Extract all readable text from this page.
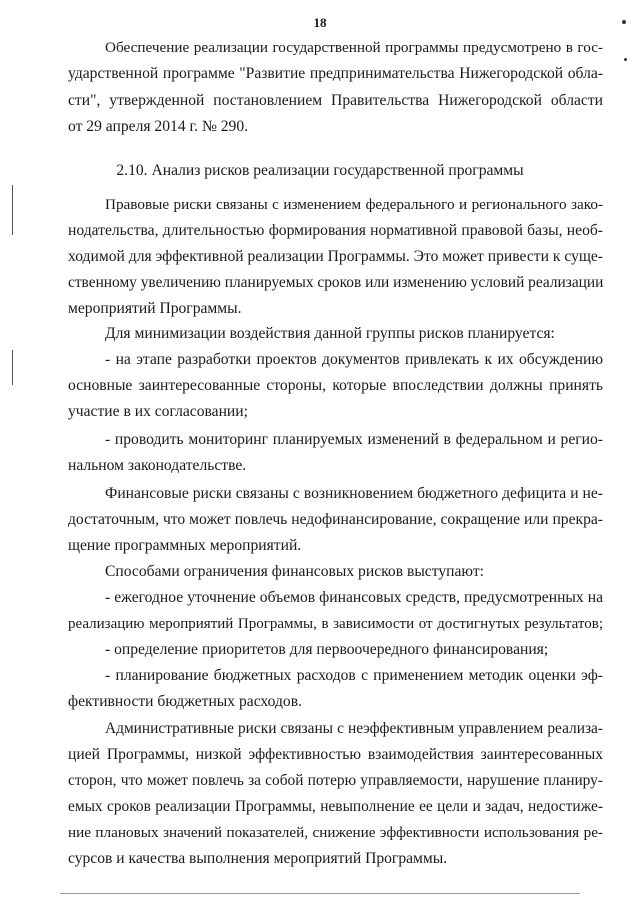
18
Обеспечение реализации государственной программы предусмотрено в гос-
ударственной программе "Развитие предпринимательства Нижегородской обла-
сти", утвержденной постановлением Правительства Нижегородской области
от 29 апреля 2014 г. № 290.
2.10. Анализ рисков реализации государственной программы
Правовые риски связаны с изменением федерального и регионального зако-
нодательства, длительностью формирования нормативной правовой базы, необ-
ходимой для эффективной реализации Программы. Это может привести к суще-
ственному увеличению планируемых сроков или изменению условий реализации
мероприятий Программы.
Для минимизации воздействия данной группы рисков планируется:
- на этапе разработки проектов документов привлекать к их обсуждению
основные заинтересованные стороны, которые впоследствии должны принять
участие в их согласовании;
- проводить мониторинг планируемых изменений в федеральном и регио-
нальном законодательстве.
Финансовые риски связаны с возникновением бюджетного дефицита и не-
достаточным, что может повлечь недофинансирование, сокращение или прекра-
щение программных мероприятий.
Способами ограничения финансовых рисков выступают:
- ежегодное уточнение объемов финансовых средств, предусмотренных на
реализацию мероприятий Программы, в зависимости от достигнутых результатов;
- определение приоритетов для первоочередного финансирования;
- планирование бюджетных расходов с применением методик оценки эф-
фективности бюджетных расходов.
Административные риски связаны с неэффективным управлением реализа-
цией Программы, низкой эффективностью взаимодействия заинтересованных
сторон, что может повлечь за собой потерю управляемости, нарушение планиру-
емых сроков реализации Программы, невыполнение ее цели и задач, недостиже-
ние плановых значений показателей, снижение эффективности использования ре-
сурсов и качества выполнения мероприятий Программы.
